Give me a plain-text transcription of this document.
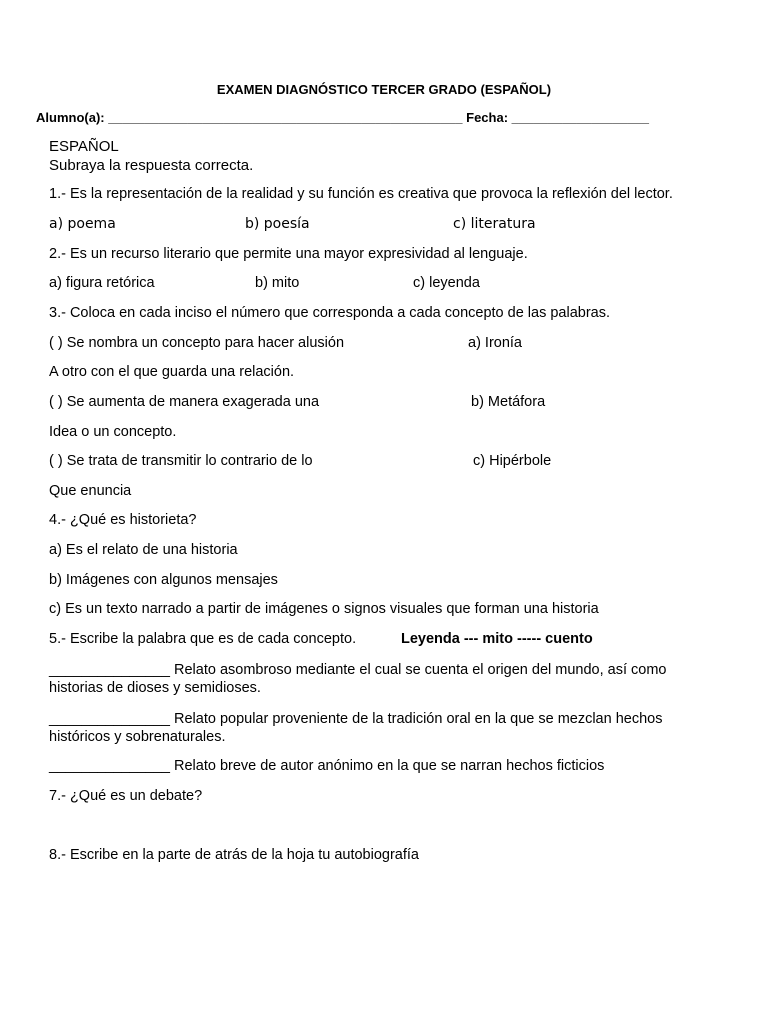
EXAMEN DIAGNÓSTICO TERCER GRADO (ESPAÑOL)
Alumno(a): _________________________________________________ Fecha: ___________________
ESPAÑOL
Subraya la respuesta correcta.
1.- Es la representación de la realidad y su función es creativa que provoca la reflexión del lector.
a) poema	b) poesía	c) literatura
2.- Es un recurso literario que permite una mayor expresividad al lenguaje.
a) figura retórica	b) mito	c) leyenda
3.- Coloca en cada inciso el número que corresponda a cada concepto de las palabras.
( ) Se nombra un concepto para hacer alusión	a) Ironía
A otro con el que guarda una relación.
( ) Se aumenta de manera exagerada una	b) Metáfora
Idea o un concepto.
( ) Se trata de transmitir lo contrario de lo	c) Hipérbole
Que enuncia
4.- ¿Qué es historieta?
a) Es el relato de una historia
b) Imágenes con algunos mensajes
c) Es un texto narrado a partir de imágenes o signos visuales que forman una historia
5.- Escribe la palabra que es de cada concepto.	Leyenda --- mito ----- cuento
_______________ Relato asombroso mediante el cual se cuenta el origen del mundo, así como historias de dioses y semidioses.
_______________ Relato popular proveniente de la tradición oral en la que se mezclan hechos históricos y sobrenaturales.
_______________ Relato breve de autor anónimo en la que se narran hechos ficticios
7.- ¿Qué es un debate?
8.- Escribe en la parte de atrás de la hoja tu autobiografía
